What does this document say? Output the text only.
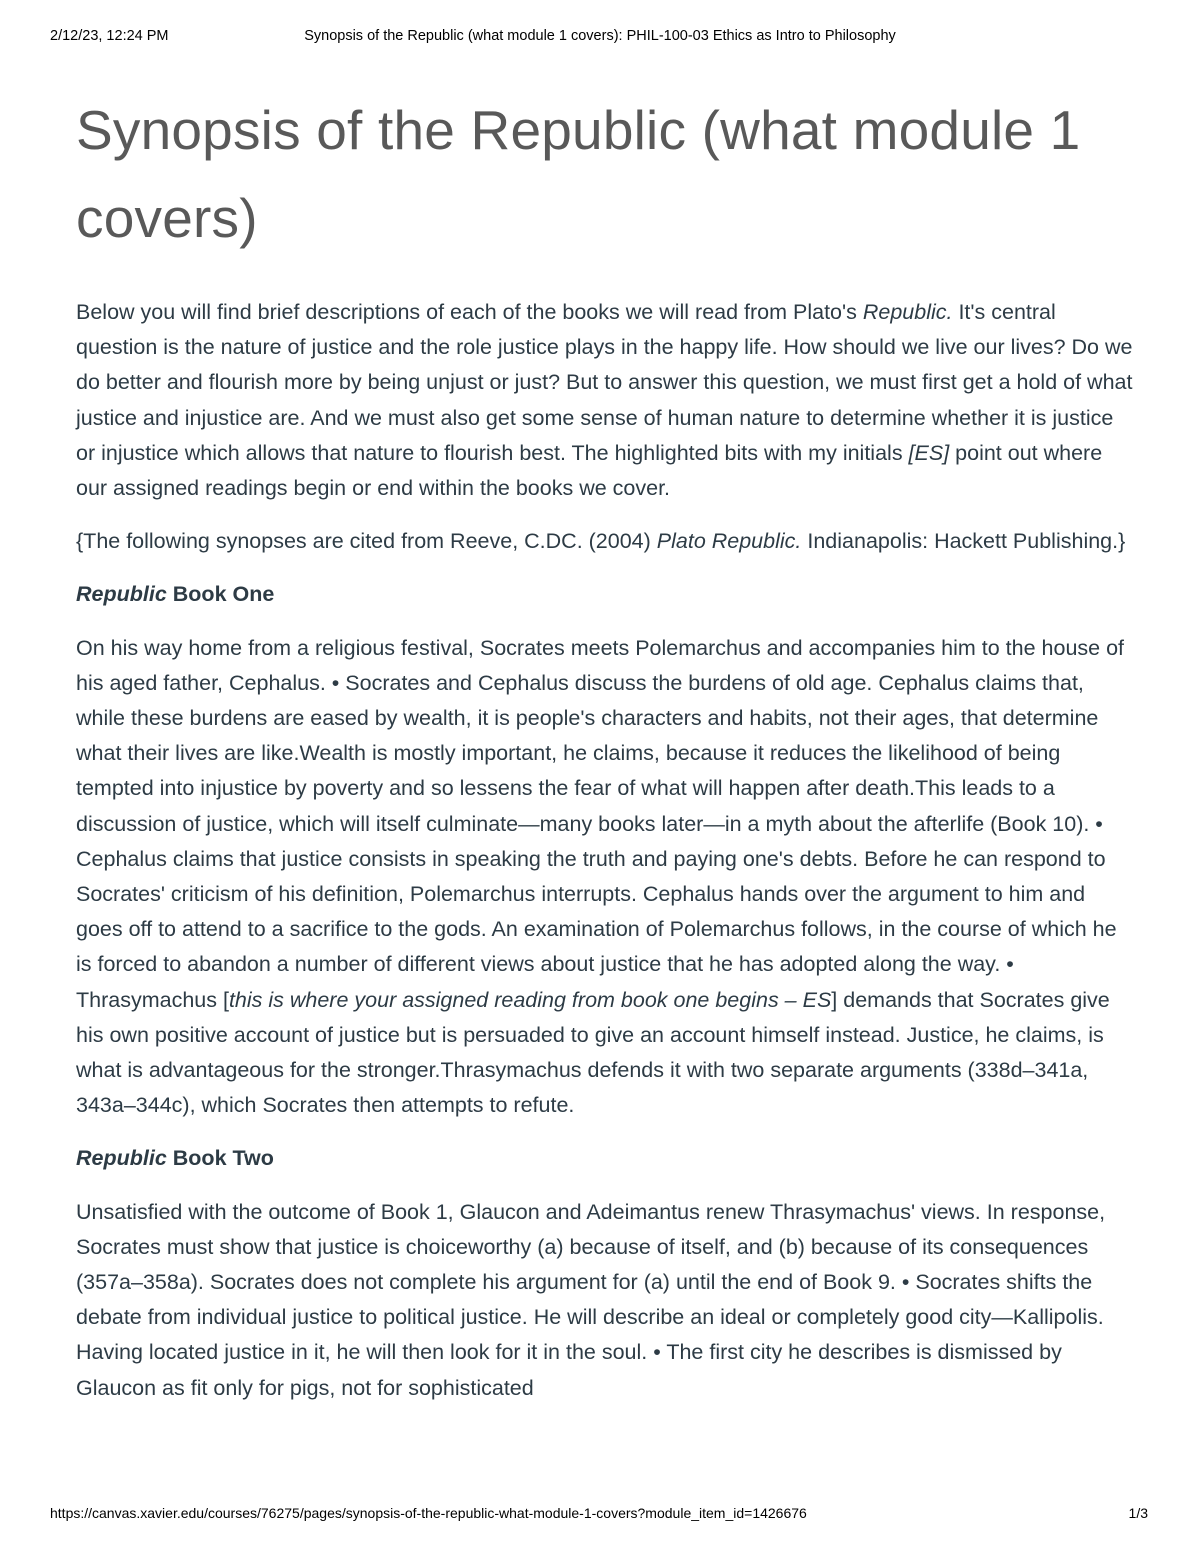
2/12/23, 12:24 PM	Synopsis of the Republic (what module 1 covers): PHIL-100-03 Ethics as Intro to Philosophy
Synopsis of the Republic (what module 1 covers)

Below you will find brief descriptions of each of the books we will read from Plato's Republic. It's central question is the nature of justice and the role justice plays in the happy life. How should we live our lives? Do we do better and flourish more by being unjust or just? But to answer this question, we must first get a hold of what justice and injustice are. And we must also get some sense of human nature to determine whether it is justice or injustice which allows that nature to flourish best. The highlighted bits with my initials [ES] point out where our assigned readings begin or end within the books we cover.

{The following synopses are cited from Reeve, C.DC. (2004) Plato Republic. Indianapolis: Hackett Publishing.}

Republic Book One

On his way home from a religious festival, Socrates meets Polemarchus and accompanies him to the house of his aged father, Cephalus. • Socrates and Cephalus discuss the burdens of old age. Cephalus claims that, while these burdens are eased by wealth, it is people's characters and habits, not their ages, that determine what their lives are like.Wealth is mostly important, he claims, because it reduces the likelihood of being tempted into injustice by poverty and so lessens the fear of what will happen after death.This leads to a discussion of justice, which will itself culminate—many books later—in a myth about the afterlife (Book 10). • Cephalus claims that justice consists in speaking the truth and paying one's debts. Before he can respond to Socrates' criticism of his definition, Polemarchus interrupts. Cephalus hands over the argument to him and goes off to attend to a sacrifice to the gods. An examination of Polemarchus follows, in the course of which he is forced to abandon a number of different views about justice that he has adopted along the way. • Thrasymachus [this is where your assigned reading from book one begins – ES] demands that Socrates give his own positive account of justice but is persuaded to give an account himself instead. Justice, he claims, is what is advantageous for the stronger.Thrasymachus defends it with two separate arguments (338d–341a, 343a–344c), which Socrates then attempts to refute.

Republic Book Two

Unsatisfied with the outcome of Book 1, Glaucon and Adeimantus renew Thrasymachus' views. In response, Socrates must show that justice is choiceworthy (a) because of itself, and (b) because of its consequences (357a–358a). Socrates does not complete his argument for (a) until the end of Book 9. • Socrates shifts the debate from individual justice to political justice. He will describe an ideal or completely good city—Kallipolis. Having located justice in it, he will then look for it in the soul. • The first city he describes is dismissed by Glaucon as fit only for pigs, not for sophisticated

https://canvas.xavier.edu/courses/76275/pages/synopsis-of-the-republic-what-module-1-covers?module_item_id=1426676	1/3
